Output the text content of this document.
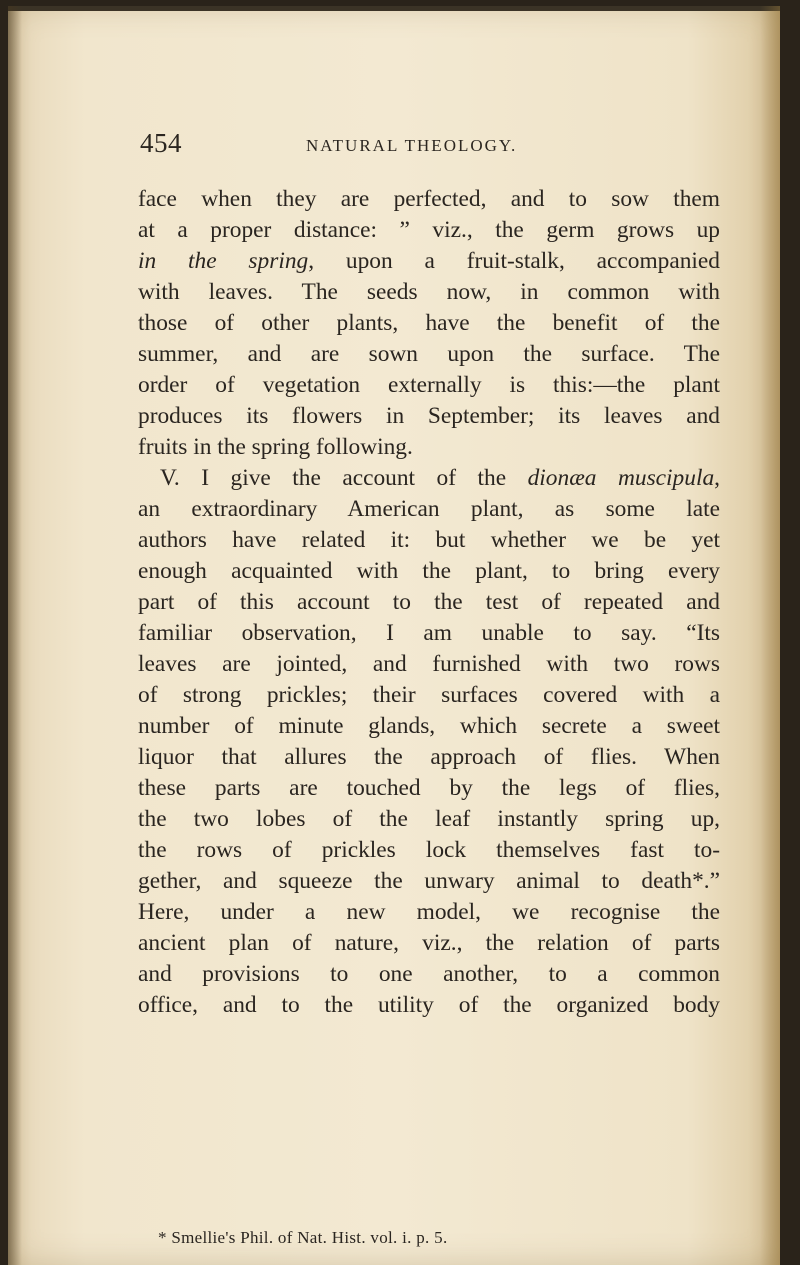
454	NATURAL THEOLOGY.
face when they are perfected, and to sow them
at a proper distance: ” viz., the germ grows up
in the spring, upon a fruit-stalk, accompanied
with leaves. The seeds now, in common with
those of other plants, have the benefit of the
summer, and are sown upon the surface. The
order of vegetation externally is this:—the plant
produces its flowers in September; its leaves and
fruits in the spring following.
V. I give the account of the dionæa muscipula,
an extraordinary American plant, as some late
authors have related it: but whether we be yet
enough acquainted with the plant, to bring every
part of this account to the test of repeated and
familiar observation, I am unable to say. “Its
leaves are jointed, and furnished with two rows
of strong prickles; their surfaces covered with a
number of minute glands, which secrete a sweet
liquor that allures the approach of flies. When
these parts are touched by the legs of flies,
the two lobes of the leaf instantly spring up,
the rows of prickles lock themselves fast to-
gether, and squeeze the unwary animal to death*.”
Here, under a new model, we recognise the
ancient plan of nature, viz., the relation of parts
and provisions to one another, to a common
office, and to the utility of the organized body
* Smellie's Phil. of Nat. Hist. vol. i. p. 5.
